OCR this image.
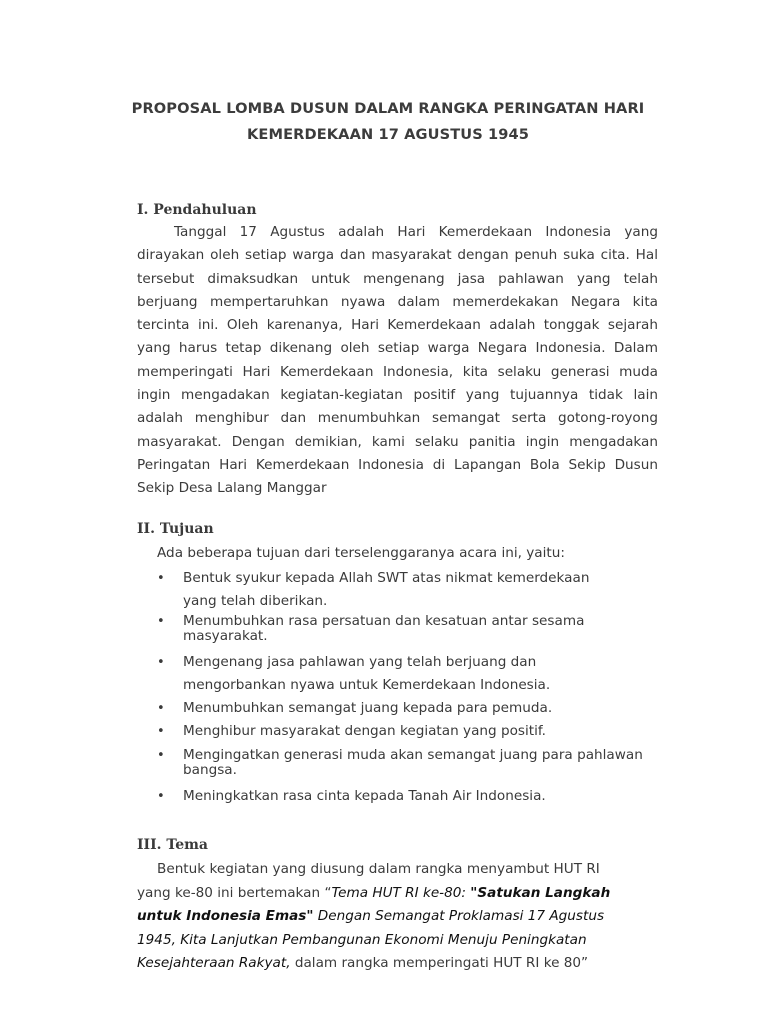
PROPOSAL LOMBA DUSUN DALAM RANGKA PERINGATAN HARI
KEMERDEKAAN 17 AGUSTUS 1945
I. Pendahuluan

Tanggal 17 Agustus adalah Hari Kemerdekaan Indonesia yang dirayakan oleh setiap warga dan masyarakat dengan penuh suka cita. Hal tersebut dimaksudkan untuk mengenang jasa pahlawan yang telah berjuang mempertaruhkan nyawa dalam memerdekakan Negara kita tercinta ini. Oleh karenanya, Hari Kemerdekaan adalah tonggak sejarah yang harus tetap dikenang oleh setiap warga Negara Indonesia. Dalam memperingati Hari Kemerdekaan Indonesia, kita selaku generasi muda ingin mengadakan kegiatan-kegiatan positif yang tujuannya tidak lain adalah menghibur dan menumbuhkan semangat serta gotong-royong masyarakat. Dengan demikian, kami selaku panitia ingin mengadakan Peringatan Hari Kemerdekaan Indonesia di Lapangan Bola Sekip Dusun Sekip Desa Lalang Manggar

II. Tujuan
Ada beberapa tujuan dari terselenggaranya acara ini, yaitu:
• Bentuk syukur kepada Allah SWT atas nikmat kemerdekaan
yang telah diberikan.
• Menumbuhkan rasa persatuan dan kesatuan antar sesama
masyarakat.
• Mengenang jasa pahlawan yang telah berjuang dan
mengorbankan nyawa untuk Kemerdekaan Indonesia.
• Menumbuhkan semangat juang kepada para pemuda.
• Menghibur masyarakat dengan kegiatan yang positif.
• Mengingatkan generasi muda akan semangat juang para pahlawan
bangsa.
• Meningkatkan rasa cinta kepada Tanah Air Indonesia.
III. Tema

Bentuk kegiatan yang diusung dalam rangka menyambut HUT RI
yang ke-80 ini bertemakan “Tema HUT RI ke-80: "Satukan Langkah
untuk Indonesia Emas" Dengan Semangat Proklamasi 17 Agustus
1945, Kita Lanjutkan Pembangunan Ekonomi Menuju Peningkatan
Kesejahteraan Rakyat, dalam rangka memperingati HUT RI ke 80”
